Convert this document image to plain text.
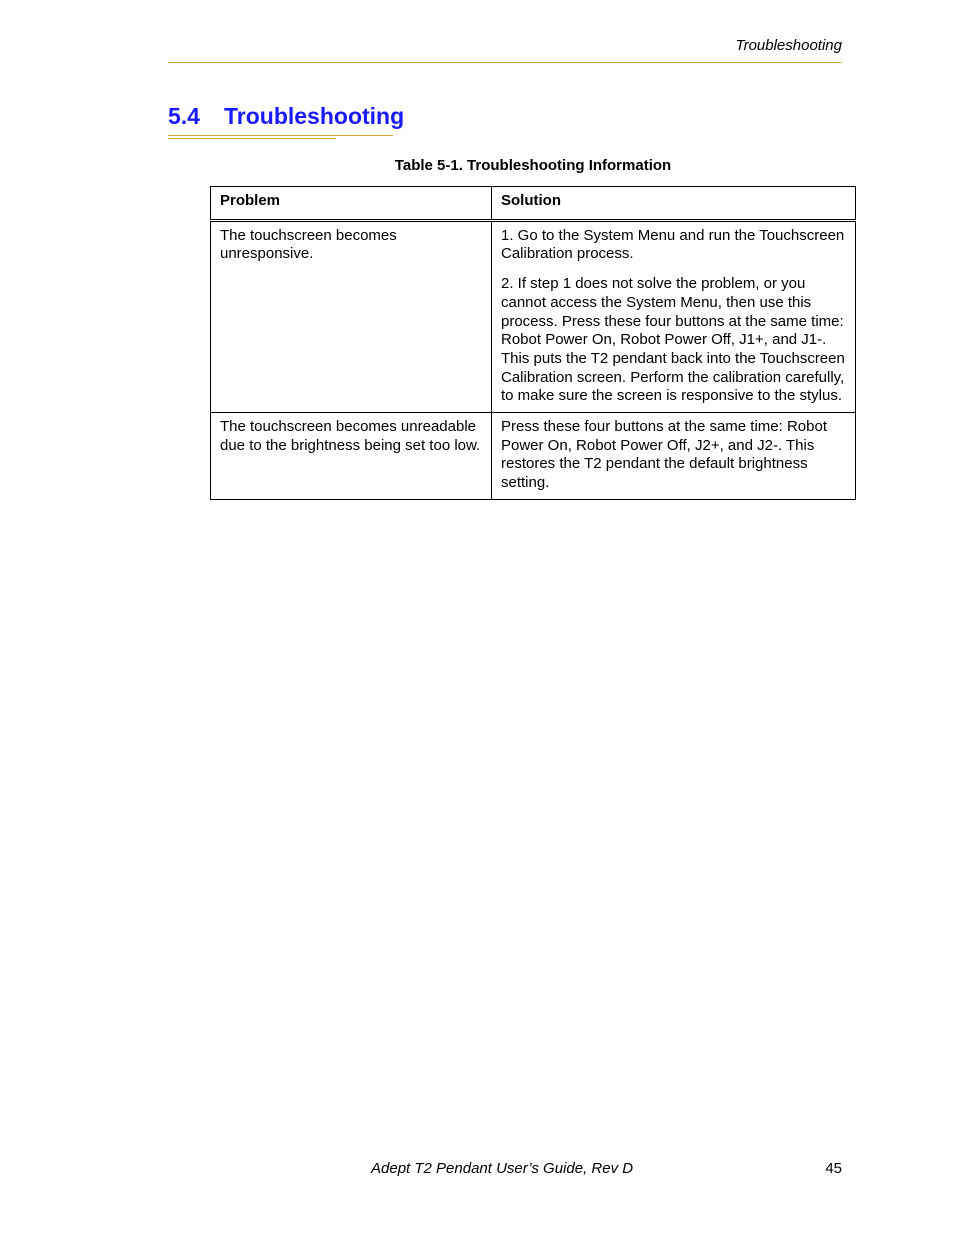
Troubleshooting
5.4 Troubleshooting
Table 5-1. Troubleshooting Information
Problem	Solution

The touchscreen becomes unresponsive.	1. Go to the System Menu and run the Touchscreen Calibration process.

2. If step 1 does not solve the problem, or you cannot access the System Menu, then use this process. Press these four buttons at the same time: Robot Power On, Robot Power Off, J1+, and J1-. This puts the T2 pendant back into the Touchscreen Calibration screen. Perform the calibration carefully, to make sure the screen is responsive to the stylus.

The touchscreen becomes unreadable due to the brightness being set too low.	Press these four buttons at the same time: Robot Power On, Robot Power Off, J2+, and J2-. This restores the T2 pendant the default brightness setting.

Adept T2 Pendant User’s Guide, Rev D	45
